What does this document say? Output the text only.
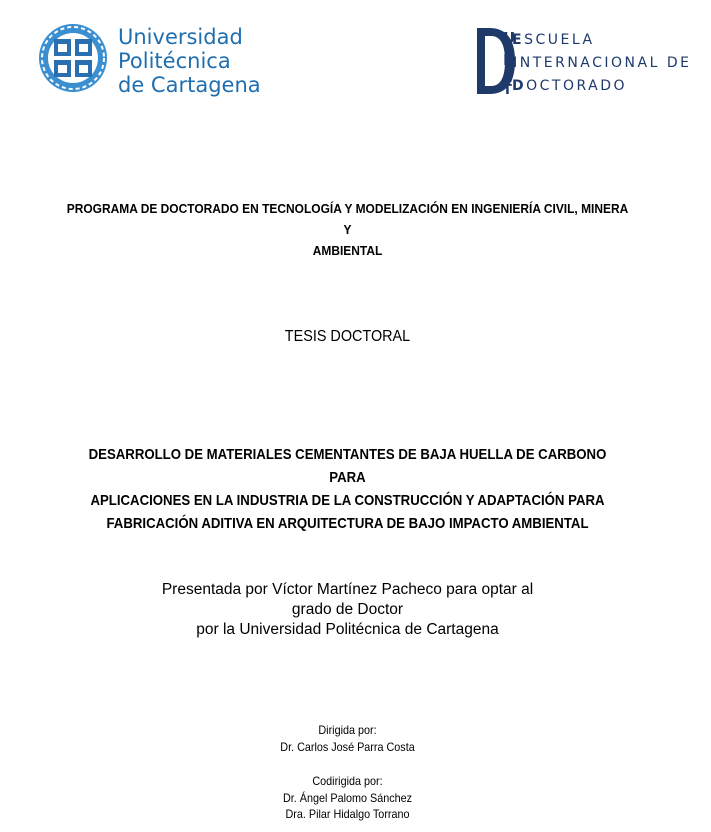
Universidad
Politécnica
de Cartagena
U
P
C
T
ESCUELA
INTERNACIONAL DE
DOCTORADO
PROGRAMA DE DOCTORADO EN TECNOLOGÍA Y MODELIZACIÓN EN INGENIERÍA CIVIL, MINERA Y
AMBIENTAL
TESIS DOCTORAL
DESARROLLO DE MATERIALES CEMENTANTES DE BAJA HUELLA DE CARBONO PARA
APLICACIONES EN LA INDUSTRIA DE LA CONSTRUCCIÓN Y ADAPTACIÓN PARA
FABRICACIÓN ADITIVA EN ARQUITECTURA DE BAJO IMPACTO AMBIENTAL
Presentada por Víctor Martínez Pacheco para optar al
grado de Doctor
por la Universidad Politécnica de Cartagena
Dirigida por:
Dr. Carlos José Parra Costa
Codirigida por:
Dr. Ángel Palomo Sánchez
Dra. Pilar Hidalgo Torrano
